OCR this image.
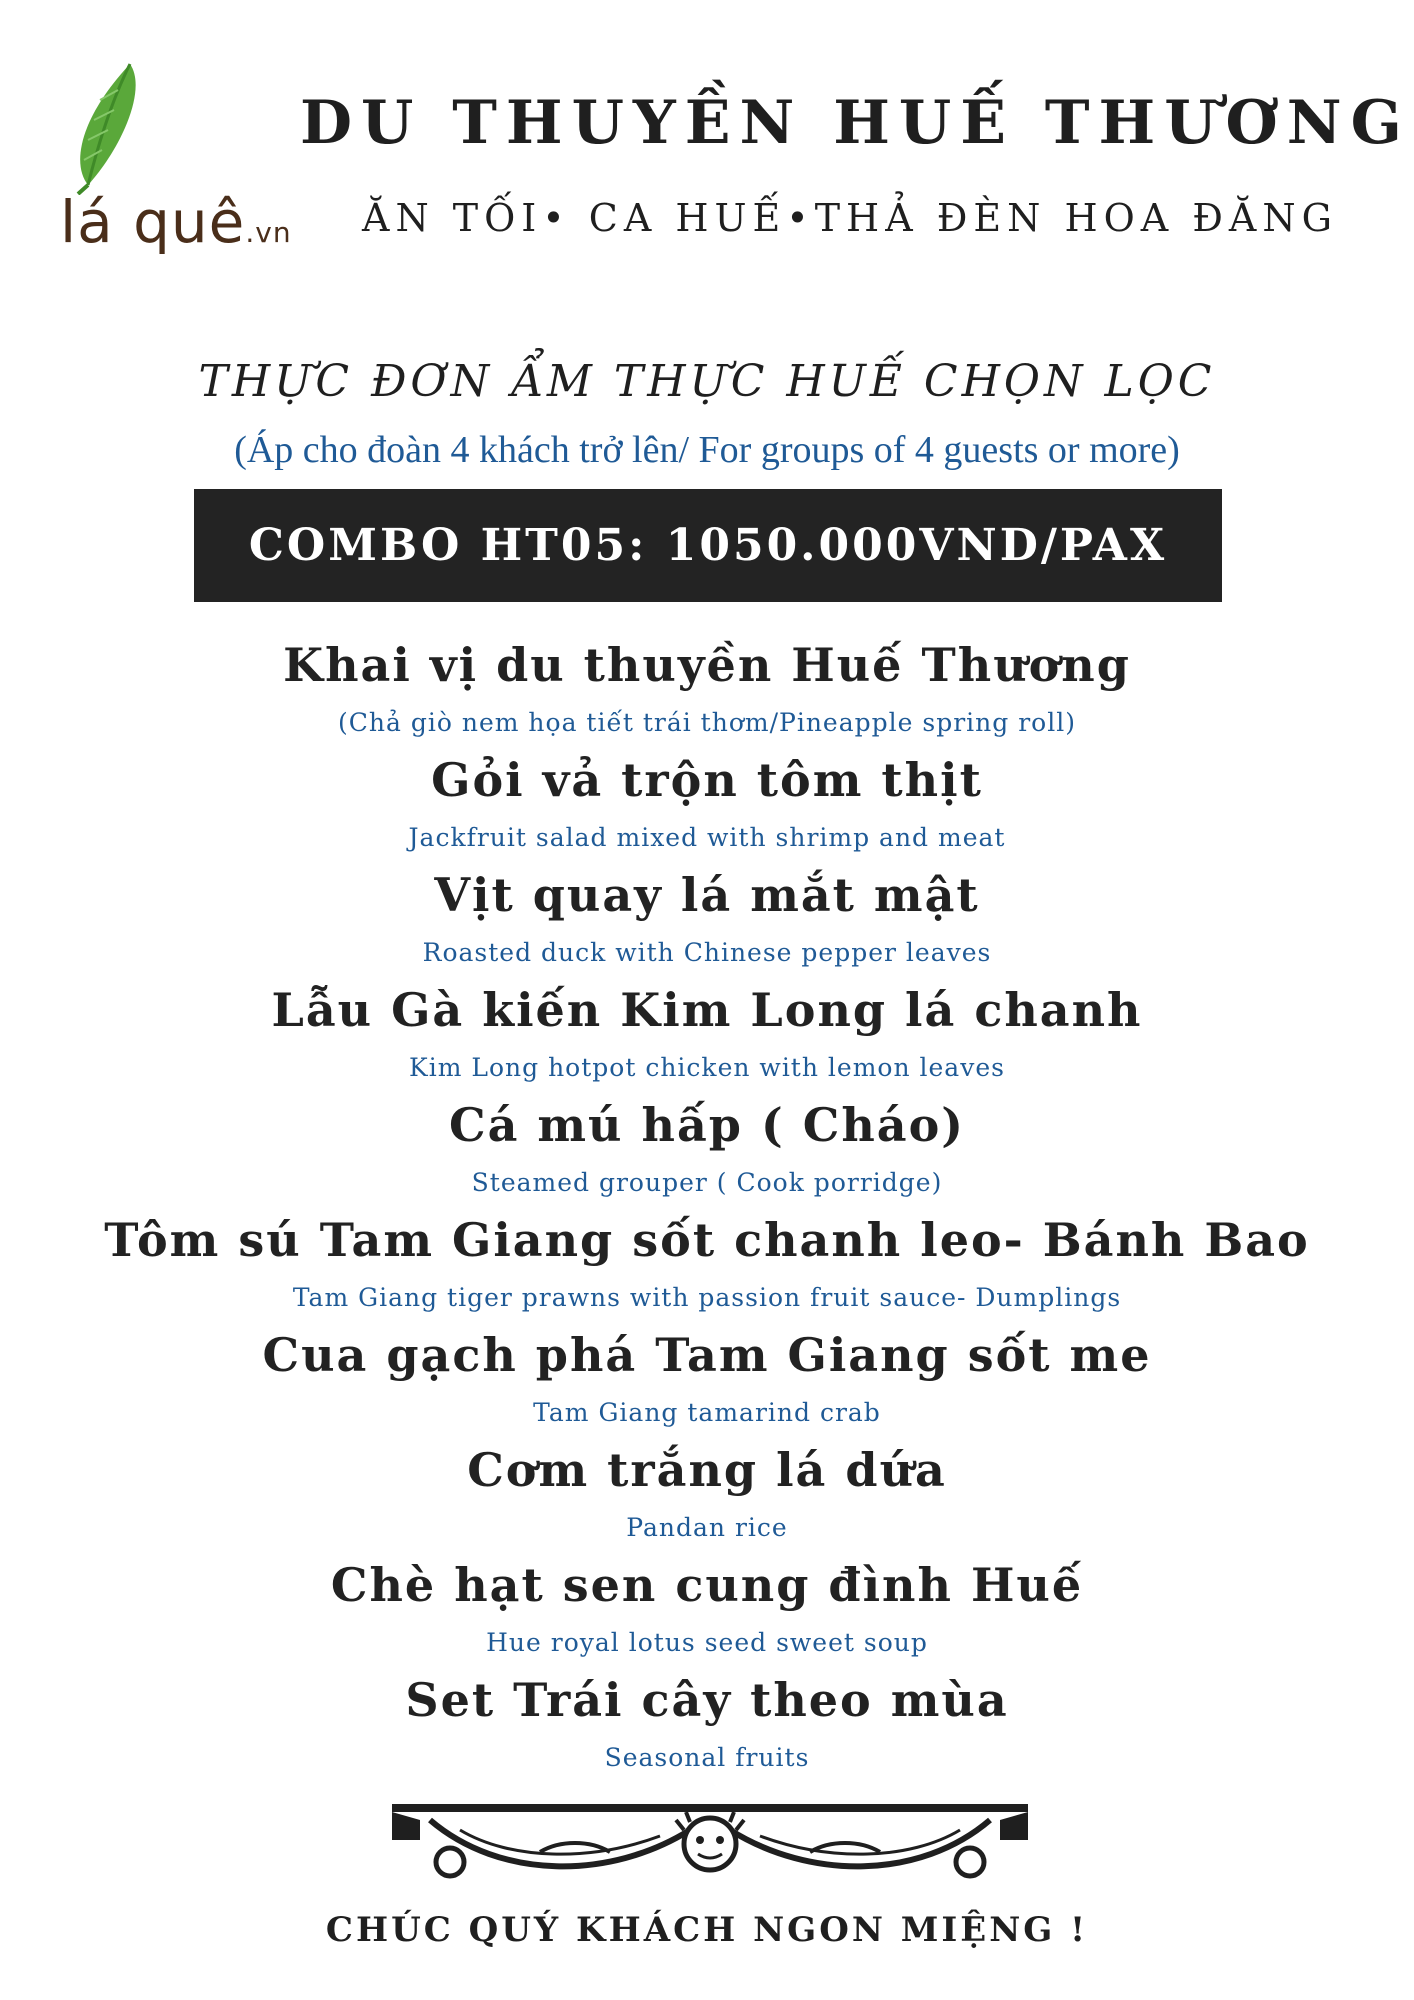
lá quê.vn
DU THUYỀN HUẾ THƯƠNG
ĂN TỐI• CA HUẾ•THẢ ĐÈN HOA ĐĂNG
THỰC ĐƠN ẨM THỰC HUẾ CHỌN LỌC
(Áp cho đoàn 4 khách trở lên/ For groups of 4 guests or more)
COMBO HT05: 1050.000VND/PAX
Khai vị du thuyền Huế Thương
(Chả giò nem họa tiết trái thơm/Pineapple spring roll)
Gỏi vả trộn tôm thịt
Jackfruit salad mixed with shrimp and meat
Vịt quay lá mắt mật
Roasted duck with Chinese pepper leaves
Lẫu Gà kiến Kim Long lá chanh
Kim Long hotpot chicken with lemon leaves
Cá mú hấp ( Cháo)
Steamed grouper ( Cook porridge)
Tôm sú Tam Giang sốt chanh leo- Bánh Bao
Tam Giang tiger prawns with passion fruit sauce- Dumplings
Cua gạch phá Tam Giang sốt me
Tam Giang tamarind crab
Cơm trắng lá dứa
Pandan rice
Chè hạt sen cung đình Huế
Hue royal lotus seed sweet soup
Set Trái cây theo mùa
Seasonal fruits
CHÚC QUÝ KHÁCH NGON MIỆNG !
